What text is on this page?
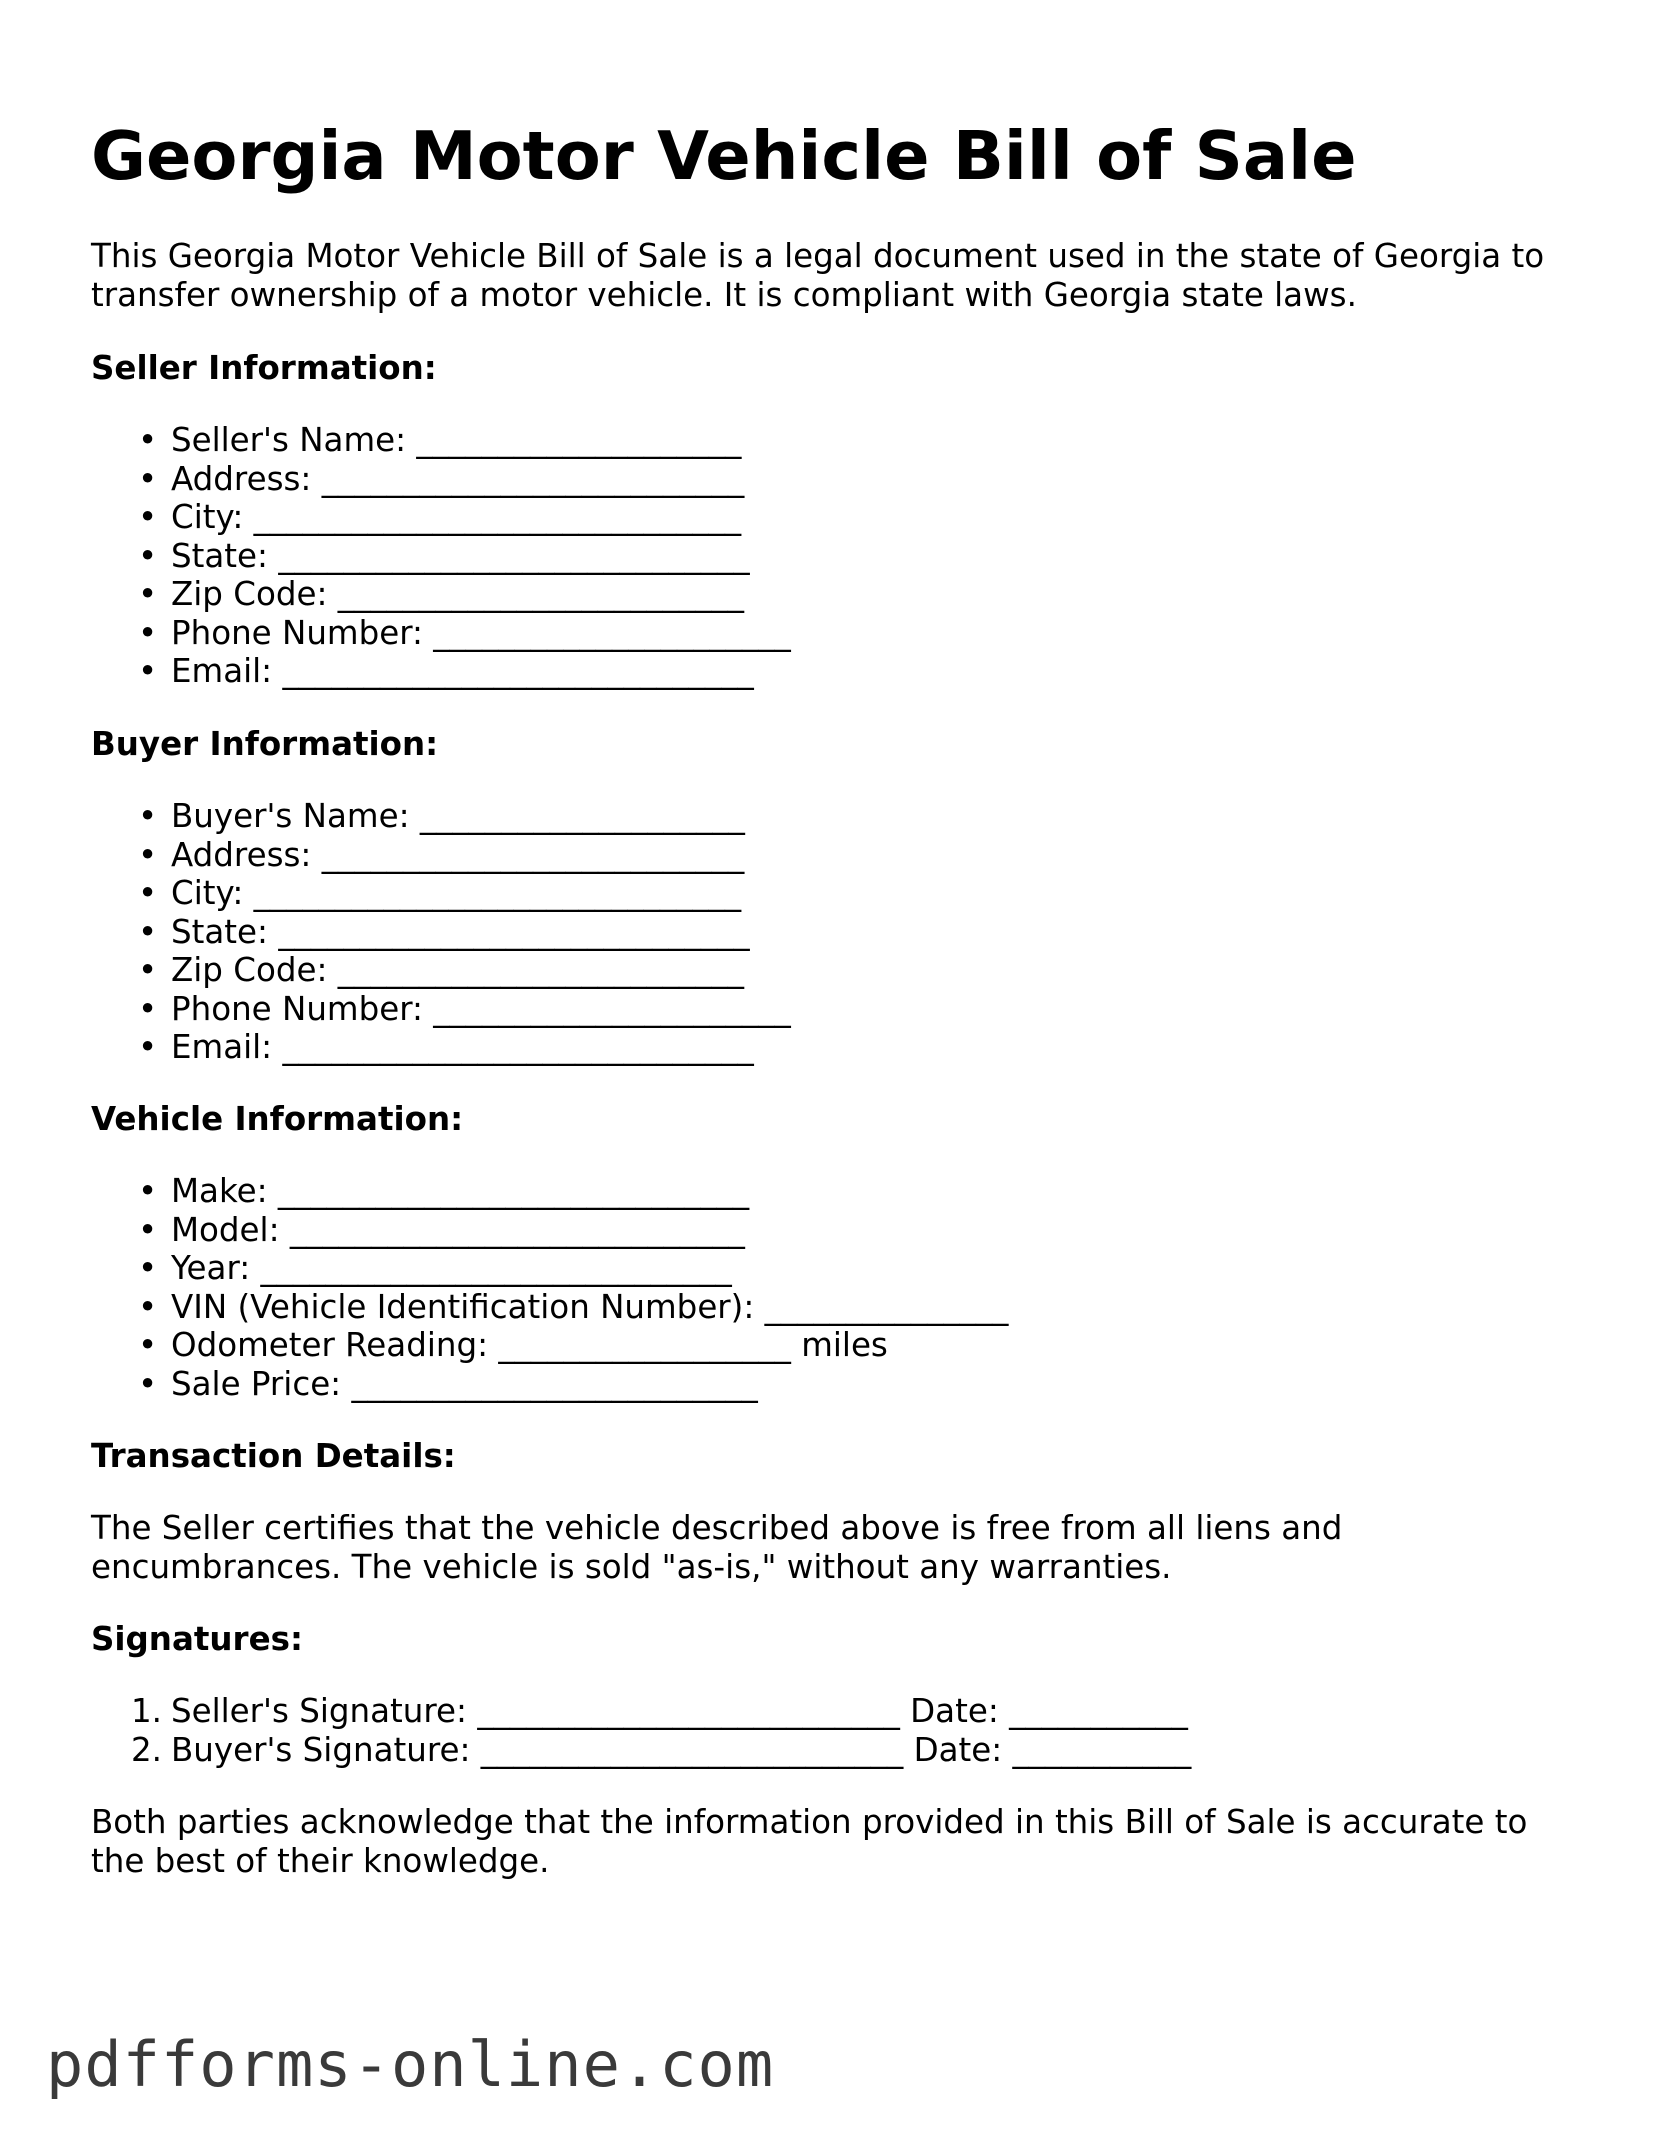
Georgia Motor Vehicle Bill of Sale

This Georgia Motor Vehicle Bill of Sale is a legal document used in the state of Georgia to transfer ownership of a motor vehicle. It is compliant with Georgia state laws.

Seller Information:
• Seller's Name: ____________________
• Address: __________________________
• City: ______________________________
• State: _____________________________
• Zip Code: _________________________
• Phone Number: ______________________
• Email: _____________________________
Buyer Information:
• Buyer's Name: ____________________
• Address: __________________________
• City: ______________________________
• State: _____________________________
• Zip Code: _________________________
• Phone Number: ______________________
• Email: _____________________________
Vehicle Information:
• Make: _____________________________
• Model: ____________________________
• Year: _____________________________
• VIN (Vehicle Identification Number): _______________
• Odometer Reading: __________________ miles
• Sale Price: _________________________
Transaction Details:

The Seller certifies that the vehicle described above is free from all liens and encumbrances. The vehicle is sold "as-is," without any warranties.

Signatures:
1. Seller's Signature: __________________________ Date: ___________
2. Buyer's Signature: __________________________ Date: ___________

Both parties acknowledge that the information provided in this Bill of Sale is accurate to the best of their knowledge.

pdfforms-online.com
